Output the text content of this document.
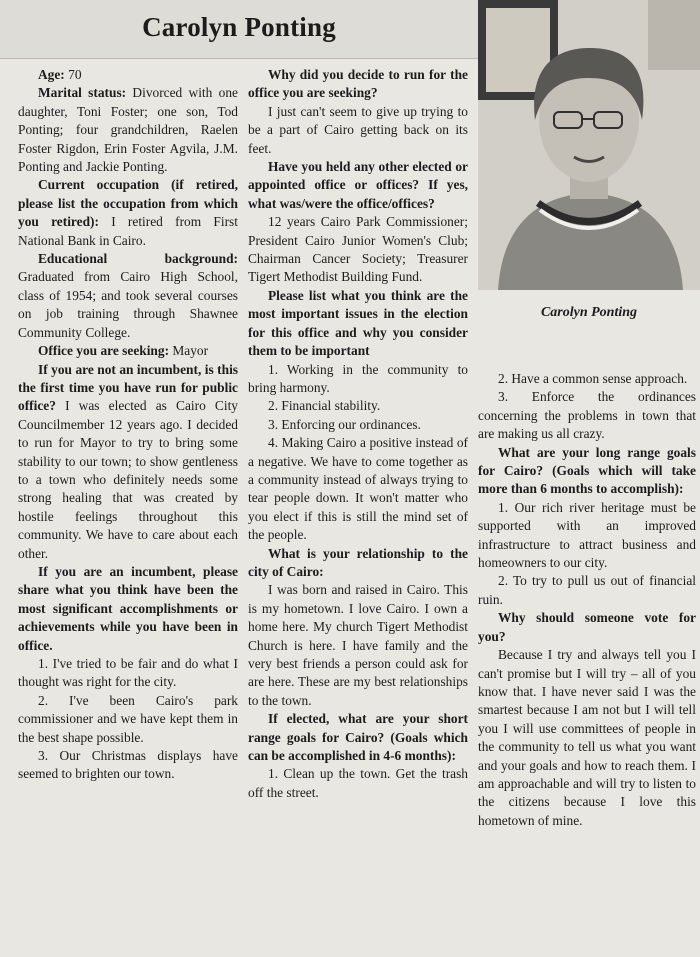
Carolyn Ponting
Carolyn Ponting

Age: 70

Marital status: Divorced with one daughter, Toni Foster; one son, Tod Ponting; four grandchildren, Raelen Foster Rigdon, Erin Foster Agvila, J.M. Ponting and Jackie Ponting.

Current occupation (if retired, please list the occupation from which you retired): I retired from First National Bank in Cairo.

Educational background: Graduated from Cairo High School, class of 1954; and took several courses on job training through Shawnee Community College.

Office you are seeking: Mayor

If you are not an incumbent, is this the first time you have run for public office? I was elected as Cairo City Councilmember 12 years ago. I decided to run for Mayor to try to bring some stability to our town; to show gentleness to a town who definitely needs some strong healing that was created by hostile feelings throughout this community. We have to care about each other.

If you are an incumbent, please share what you think have been the most significant accomplishments or achievements while you have been in office.

1. I've tried to be fair and do what I thought was right for the city.

2. I've been Cairo's park commissioner and we have kept them in the best shape possible.

3. Our Christmas displays have seemed to brighten our town.

Why did you decide to run for the office you are seeking?

I just can't seem to give up trying to be a part of Cairo getting back on its feet.

Have you held any other elected or appointed office or offices? If yes, what was/were the office/offices?

12 years Cairo Park Commissioner; President Cairo Junior Women's Club; Chairman Cancer Society; Treasurer Tigert Methodist Building Fund.

Please list what you think are the most important issues in the election for this office and why you consider them to be important

1. Working in the community to bring harmony.

2. Financial stability.

3. Enforcing our ordinances.

4. Making Cairo a positive instead of a negative. We have to come together as a community instead of always trying to tear people down. It won't matter who you elect if this is still the mind set of the people.

What is your relationship to the city of Cairo:

I was born and raised in Cairo. This is my hometown. I love Cairo. I own a home here. My church Tigert Methodist Church is here. I have family and the very best friends a person could ask for are here. These are my best relationships to the town.

If elected, what are your short range goals for Cairo? (Goals which can be accomplished in 4-6 months):

1. Clean up the town. Get the trash off the street.

2. Have a common sense approach.

3. Enforce the ordinances concerning the problems in town that are making us all crazy.

What are your long range goals for Cairo? (Goals which will take more than 6 months to accomplish):

1. Our rich river heritage must be supported with an improved infrastructure to attract business and homeowners to our city.

2. To try to pull us out of financial ruin.

Why should someone vote for you?

Because I try and always tell you I can't promise but I will try – all of you know that. I have never said I was the smartest because I am not but I will tell you I will use committees of people in the community to tell us what you want and your goals and how to reach them. I am approachable and will try to listen to the citizens because I love this hometown of mine.
